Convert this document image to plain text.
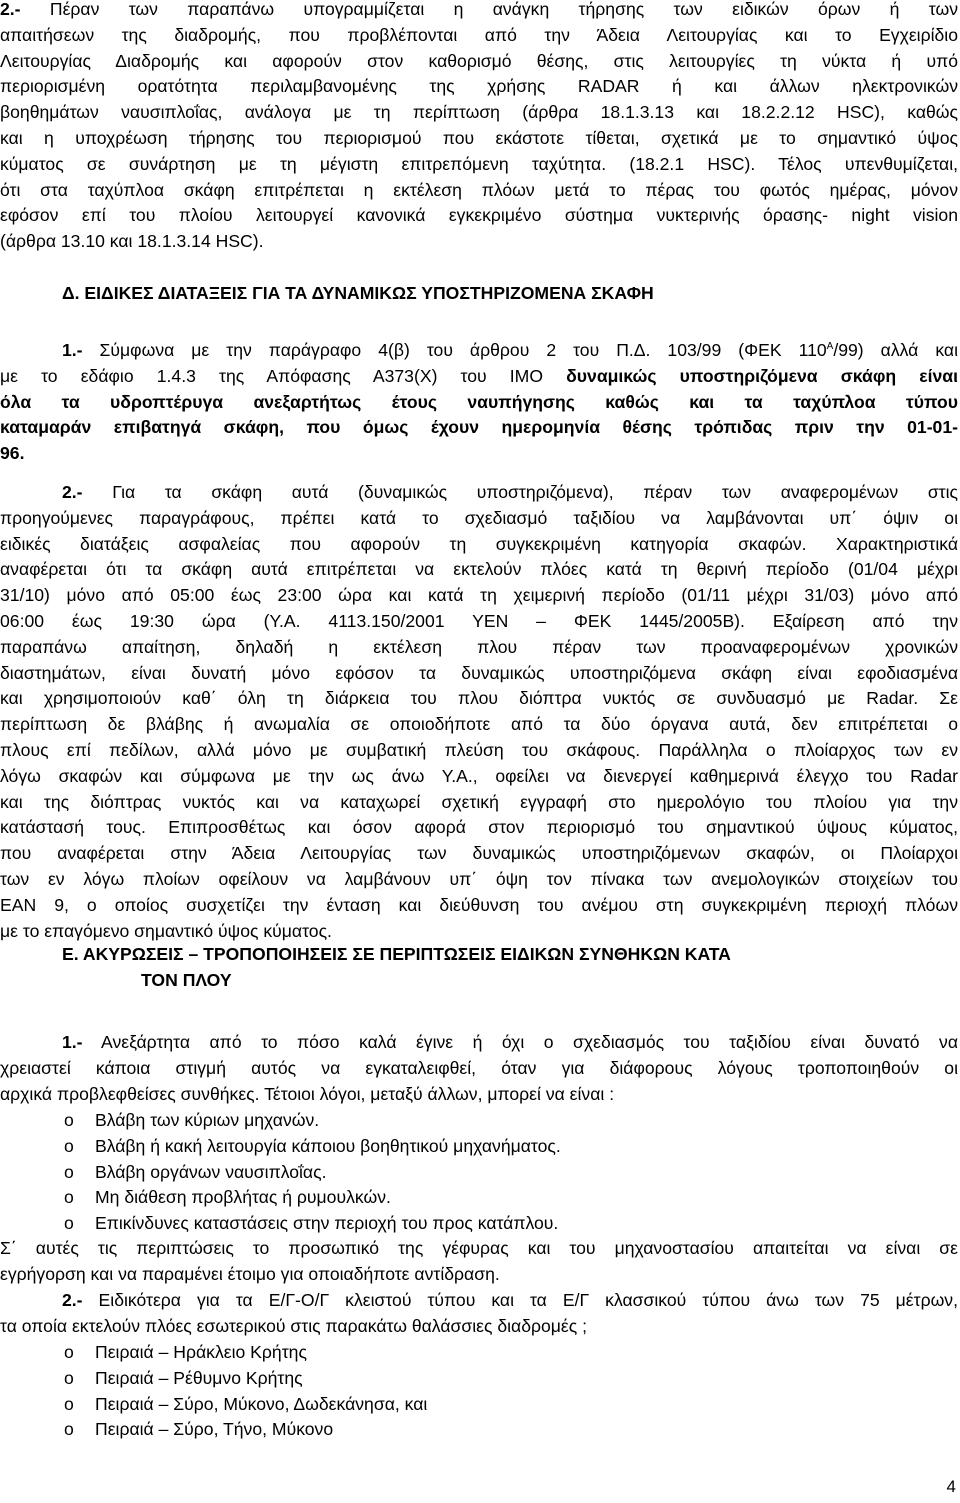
2.- Πέραν των παραπάνω υπογραμμίζεται η ανάγκη τήρησης των ειδικών όρων ή των
απαιτήσεων της διαδρομής, που προβλέπονται από την Άδεια Λειτουργίας και το Εγχειρίδιο
Λειτουργίας Διαδρομής και αφορούν στον καθορισμό θέσης, στις λειτουργίες τη νύκτα ή υπό
περιορισμένη ορατότητα περιλαμβανομένης της χρήσης RADAR ή και άλλων ηλεκτρονικών
βοηθημάτων ναυσιπλοΐας, ανάλογα με τη περίπτωση (άρθρα 18.1.3.13 και 18.2.2.12 HSC), καθώς
και η υποχρέωση τήρησης του περιορισμού που εκάστοτε τίθεται, σχετικά με το σημαντικό ύψος
κύματος σε συνάρτηση με τη μέγιστη επιτρεπόμενη ταχύτητα. (18.2.1 HSC). Τέλος υπενθυμίζεται,
ότι στα ταχύπλοα σκάφη επιτρέπεται η εκτέλεση πλόων μετά το πέρας του φωτός ημέρας, μόνον
εφόσον επί του πλοίου λειτουργεί κανονικά εγκεκριμένο σύστημα νυκτερινής όρασης- night vision
(άρθρα 13.10 και 18.1.3.14 HSC).
Δ. ΕΙΔΙΚΕΣ ΔΙΑΤΑΞΕΙΣ ΓΙΑ ΤΑ ΔΥΝΑΜΙΚΩΣ ΥΠΟΣΤΗΡΙΖΟΜΕΝΑ ΣΚΑΦΗ
1.- Σύμφωνα με την παράγραφο 4(β) του άρθρου 2 του Π.Δ. 103/99 (ΦΕΚ $110^A/99$) αλλά και
με το εδάφιο 1.4.3 της Απόφασης Α373(Χ) του ΙΜΟ δυναμικώς υποστηριζόμενα σκάφη είναι
όλα τα υδροπτέρυγα ανεξαρτήτως έτους ναυπήγησης καθώς και τα ταχύπλοα τύπου
καταμαράν επιβατηγά σκάφη, που όμως έχουν ημερομηνία θέσης τρόπιδας πριν την 01-01-
96.
2.- Για τα σκάφη αυτά (δυναμικώς υποστηριζόμενα), πέραν των αναφερομένων στις
προηγούμενες παραγράφους, πρέπει κατά το σχεδιασμό ταξιδίου να λαμβάνονται υπ΄ όψιν οι
ειδικές διατάξεις ασφαλείας που αφορούν τη συγκεκριμένη κατηγορία σκαφών. Χαρακτηριστικά
αναφέρεται ότι τα σκάφη αυτά επιτρέπεται να εκτελούν πλόες κατά τη θερινή περίοδο (01/04 μέχρι
31/10) μόνο από 05:00 έως 23:00 ώρα και κατά τη χειμερινή περίοδο (01/11 μέχρι 31/03) μόνο από
06:00 έως 19:30 ώρα (Υ.Α. 4113.150/2001 ΥΕΝ – ΦΕΚ 1445/2005Β). Εξαίρεση από την
παραπάνω απαίτηση, δηλαδή η εκτέλεση πλου πέραν των προαναφερομένων χρονικών
διαστημάτων, είναι δυνατή μόνο εφόσον τα δυναμικώς υποστηριζόμενα σκάφη είναι εφοδιασμένα
και χρησιμοποιούν καθ΄ όλη τη διάρκεια του πλου διόπτρα νυκτός σε συνδυασμό με Radar. Σε
περίπτωση δε βλάβης ή ανωμαλία σε οποιοδήποτε από τα δύο όργανα αυτά, δεν επιτρέπεται ο
πλους επί πεδίλων, αλλά μόνο με συμβατική πλεύση του σκάφους. Παράλληλα ο πλοίαρχος των εν
λόγω σκαφών και σύμφωνα με την ως άνω Υ.Α., οφείλει να διενεργεί καθημερινά έλεγχο του Radar
και της διόπτρας νυκτός και να καταχωρεί σχετική εγγραφή στο ημερολόγιο του πλοίου για την
κατάστασή τους. Επιπροσθέτως και όσον αφορά στον περιορισμό του σημαντικού ύψους κύματος,
που αναφέρεται στην Άδεια Λειτουργίας των δυναμικώς υποστηριζόμενων σκαφών, οι Πλοίαρχοι
των εν λόγω πλοίων οφείλουν να λαμβάνουν υπ΄ όψη τον πίνακα των ανεμολογικών στοιχείων του
ΕΑΝ 9, ο οποίος συσχετίζει την ένταση και διεύθυνση του ανέμου στη συγκεκριμένη περιοχή πλόων
με το επαγόμενο σημαντικό ύψος κύματος.
Ε. ΑΚΥΡΩΣΕΙΣ – ΤΡΟΠΟΠΟΙΗΣΕΙΣ ΣΕ ΠΕΡΙΠΤΩΣΕΙΣ ΕΙΔΙΚΩΝ ΣΥΝΘΗΚΩΝ ΚΑΤΑ
ΤΟΝ ΠΛΟΥ
1.- Ανεξάρτητα από το πόσο καλά έγινε ή όχι ο σχεδιασμός του ταξιδίου είναι δυνατό να
χρειαστεί κάποια στιγμή αυτός να εγκαταλειφθεί, όταν για διάφορους λόγους τροποποιηθούν οι
αρχικά προβλεφθείσες συνθήκες. Τέτοιοι λόγοι, μεταξύ άλλων, μπορεί να είναι :
o Βλάβη των κύριων μηχανών.
o Βλάβη ή κακή λειτουργία κάποιου βοηθητικού μηχανήματος.
o Βλάβη οργάνων ναυσιπλοΐας.
o Μη διάθεση προβλήτας ή ρυμουλκών.
o Επικίνδυνες καταστάσεις στην περιοχή του προς κατάπλου.
Σ΄ αυτές τις περιπτώσεις το προσωπικό της γέφυρας και του μηχανοστασίου απαιτείται να είναι σε
εγρήγορση και να παραμένει έτοιμο για οποιαδήποτε αντίδραση.
2.- Ειδικότερα για τα Ε/Γ-Ο/Γ κλειστού τύπου και τα Ε/Γ κλασσικού τύπου άνω των 75 μέτρων,
τα οποία εκτελούν πλόες εσωτερικού στις παρακάτω θαλάσσιες διαδρομές ;
o Πειραιά – Ηράκλειο Κρήτης
o Πειραιά – Ρέθυμνο Κρήτης
o Πειραιά – Σύρο, Μύκονο, Δωδεκάνησα, και
o Πειραιά – Σύρο, Τήνο, Μύκονο
4
